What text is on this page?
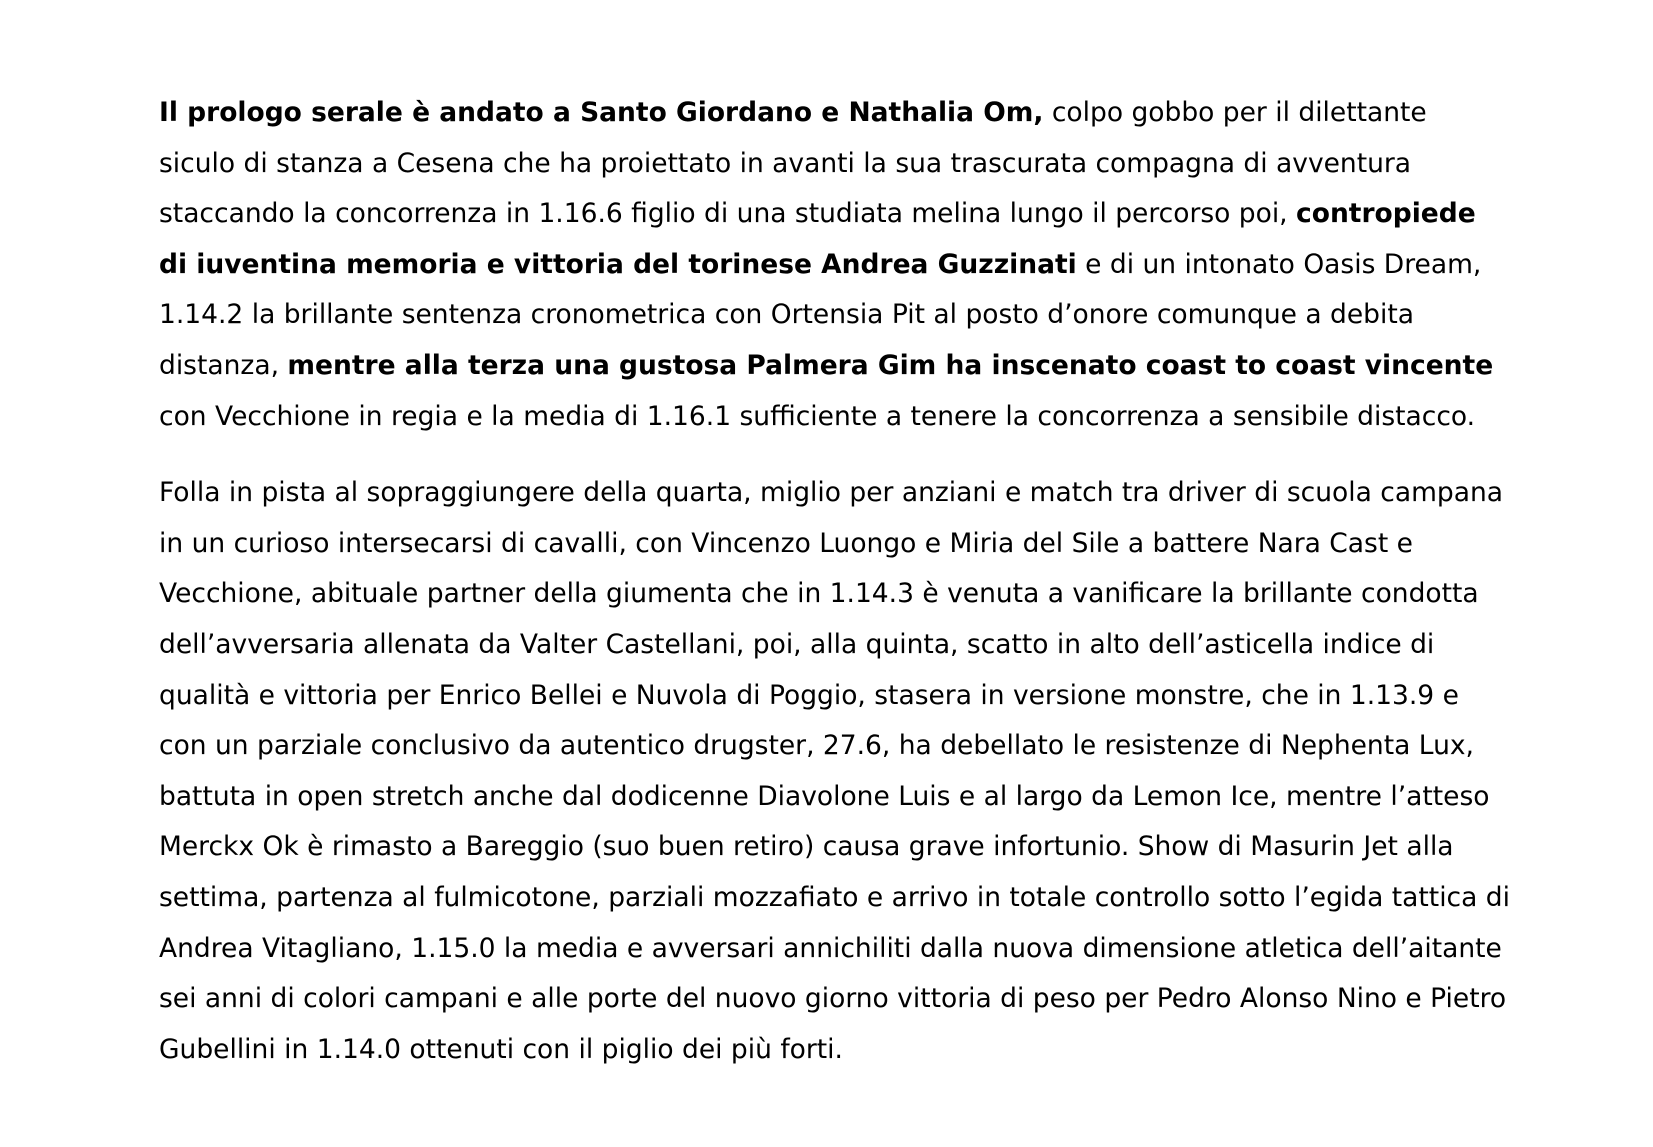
Il prologo serale è andato a Santo Giordano e Nathalia Om, colpo gobbo per il dilettante siculo di stanza a Cesena che ha proiettato in avanti la sua trascurata compagna di avventura staccando la concorrenza in 1.16.6 figlio di una studiata melina lungo il percorso poi, contropiede di iuventina memoria e vittoria del torinese Andrea Guzzinati e di un intonato Oasis Dream, 1.14.2 la brillante sentenza cronometrica con Ortensia Pit al posto d’onore comunque a debita distanza, mentre alla terza una gustosa Palmera Gim ha inscenato coast to coast vincente con Vecchione in regia e la media di 1.16.1 sufficiente a tenere la concorrenza a sensibile distacco.

Folla in pista al sopraggiungere della quarta, miglio per anziani e match tra driver di scuola campana in un curioso intersecarsi di cavalli, con Vincenzo Luongo e Miria del Sile a battere Nara Cast e Vecchione, abituale partner della giumenta che in 1.14.3 è venuta a vanificare la brillante condotta dell’avversaria allenata da Valter Castellani, poi, alla quinta, scatto in alto dell’asticella indice di qualità e vittoria per Enrico Bellei e Nuvola di Poggio, stasera in versione monstre, che in 1.13.9 e con un parziale conclusivo da autentico drugster, 27.6, ha debellato le resistenze di Nephenta Lux, battuta in open stretch anche dal dodicenne Diavolone Luis e al largo da Lemon Ice, mentre l’atteso Merckx Ok è rimasto a Bareggio (suo buen retiro) causa grave infortunio. Show di Masurin Jet alla settima, partenza al fulmicotone, parziali mozzafiato e arrivo in totale controllo sotto l’egida tattica di Andrea Vitagliano, 1.15.0 la media e avversari annichiliti dalla nuova dimensione atletica dell’aitante sei anni di colori campani e alle porte del nuovo giorno vittoria di peso per Pedro Alonso Nino e Pietro Gubellini in 1.14.0 ottenuti con il piglio dei più forti.
